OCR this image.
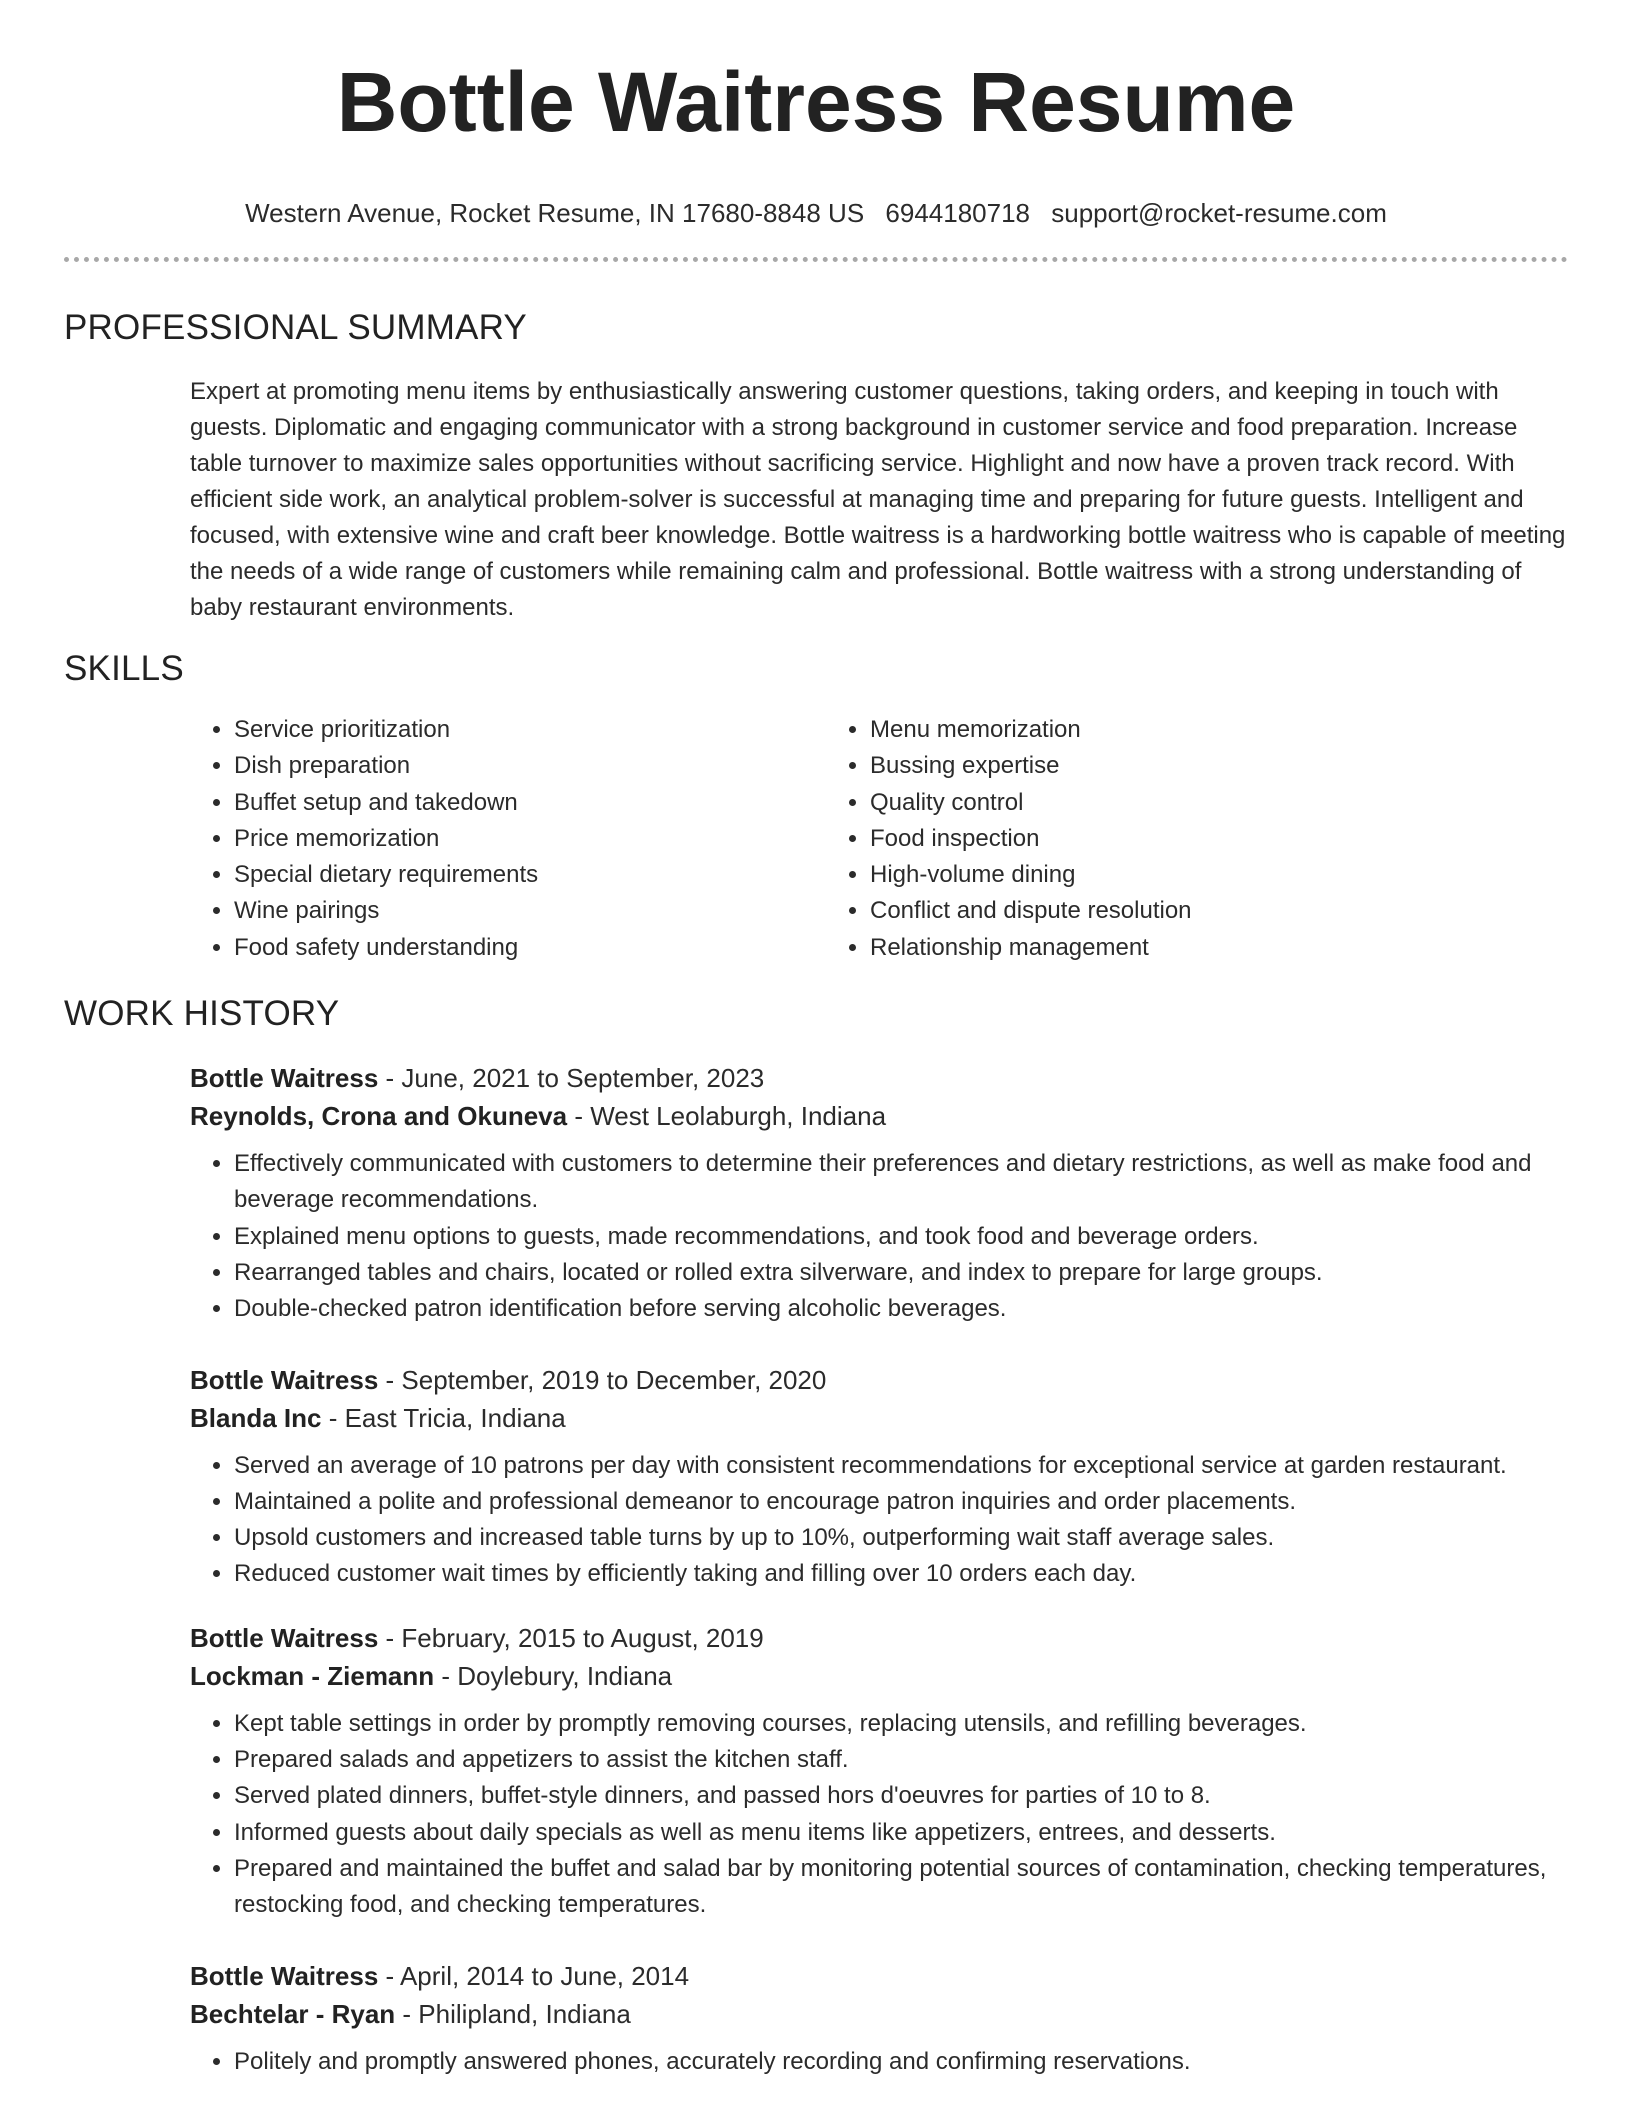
Bottle Waitress Resume
Western Avenue, Rocket Resume, IN 17680-8848 US 6944180718 support@rocket-resume.com
PROFESSIONAL SUMMARY

Expert at promoting menu items by enthusiastically answering customer questions, taking orders, and keeping in touch with guests. Diplomatic and engaging communicator with a strong background in customer service and food preparation. Increase table turnover to maximize sales opportunities without sacrificing service. Highlight and now have a proven track record. With efficient side work, an analytical problem-solver is successful at managing time and preparing for future guests. Intelligent and focused, with extensive wine and craft beer knowledge. Bottle waitress is a hardworking bottle waitress who is capable of meeting the needs of a wide range of customers while remaining calm and professional. Bottle waitress with a strong understanding of baby restaurant environments.

SKILLS
• Service prioritization
• Dish preparation
• Buffet setup and takedown
• Price memorization
• Special dietary requirements
• Wine pairings
• Food safety understanding
• Menu memorization
• Bussing expertise
• Quality control
• Food inspection
• High-volume dining
• Conflict and dispute resolution
• Relationship management
WORK HISTORY

Bottle Waitress - June, 2021 to September, 2023

Reynolds, Crona and Okuneva - West Leolaburgh, Indiana

• Effectively communicated with customers to determine their preferences and dietary restrictions, as well as make food and beverage recommendations.
• Explained menu options to guests, made recommendations, and took food and beverage orders.
• Rearranged tables and chairs, located or rolled extra silverware, and index to prepare for large groups.
• Double-checked patron identification before serving alcoholic beverages.

Bottle Waitress - September, 2019 to December, 2020

Blanda Inc - East Tricia, Indiana

• Served an average of 10 patrons per day with consistent recommendations for exceptional service at garden restaurant.
• Maintained a polite and professional demeanor to encourage patron inquiries and order placements.
• Upsold customers and increased table turns by up to 10%, outperforming wait staff average sales.
• Reduced customer wait times by efficiently taking and filling over 10 orders each day.

Bottle Waitress - February, 2015 to August, 2019

Lockman - Ziemann - Doylebury, Indiana

• Kept table settings in order by promptly removing courses, replacing utensils, and refilling beverages.
• Prepared salads and appetizers to assist the kitchen staff.
• Served plated dinners, buffet-style dinners, and passed hors d'oeuvres for parties of 10 to 8.
• Informed guests about daily specials as well as menu items like appetizers, entrees, and desserts.
• Prepared and maintained the buffet and salad bar by monitoring potential sources of contamination, checking temperatures, restocking food, and checking temperatures.

Bottle Waitress - April, 2014 to June, 2014

Bechtelar - Ryan - Philipland, Indiana

• Politely and promptly answered phones, accurately recording and confirming reservations.
